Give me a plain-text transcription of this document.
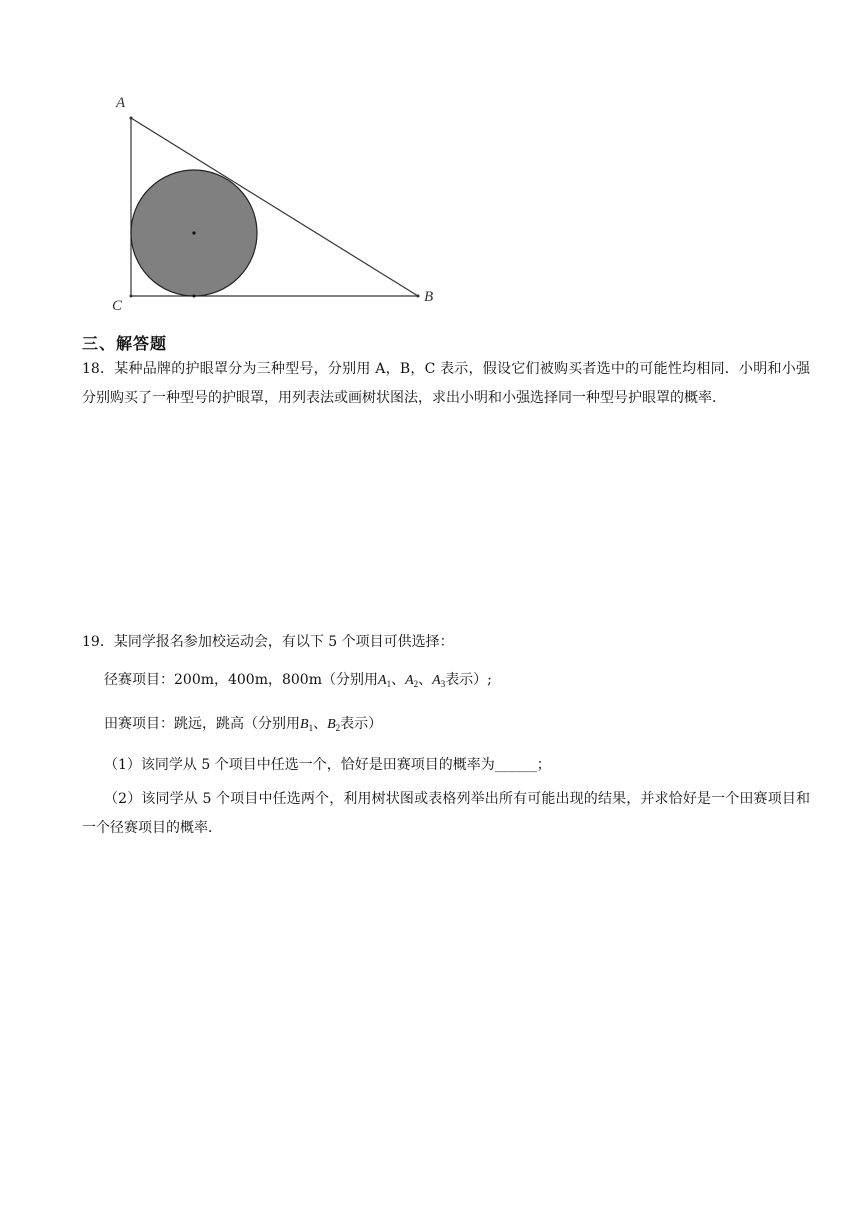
A
B
C
三、解答题
18．某种品牌的护眼罩分为三种型号，分别用 A，B，C 表示，假设它们被购买者选中的可能性均相同．小明和小强分别购买了一种型号的护眼罩，用列表法或画树状图法，求出小明和小强选择同一种型号护眼罩的概率．
19．某同学报名参加校运动会，有以下 5 个项目可供选择：
径赛项目：200m，400m，800m（分别用$A_1$、$A_2$、$A_3$表示）;
田赛项目：跳远，跳高（分别用$B_1$、$B_2$表示）
（1）该同学从 5 个项目中任选一个，恰好是田赛项目的概率为______；
（2）该同学从 5 个项目中任选两个，利用树状图或表格列举出所有可能出现的结果，并求恰好是一个田赛项目和一个径赛项目的概率．
